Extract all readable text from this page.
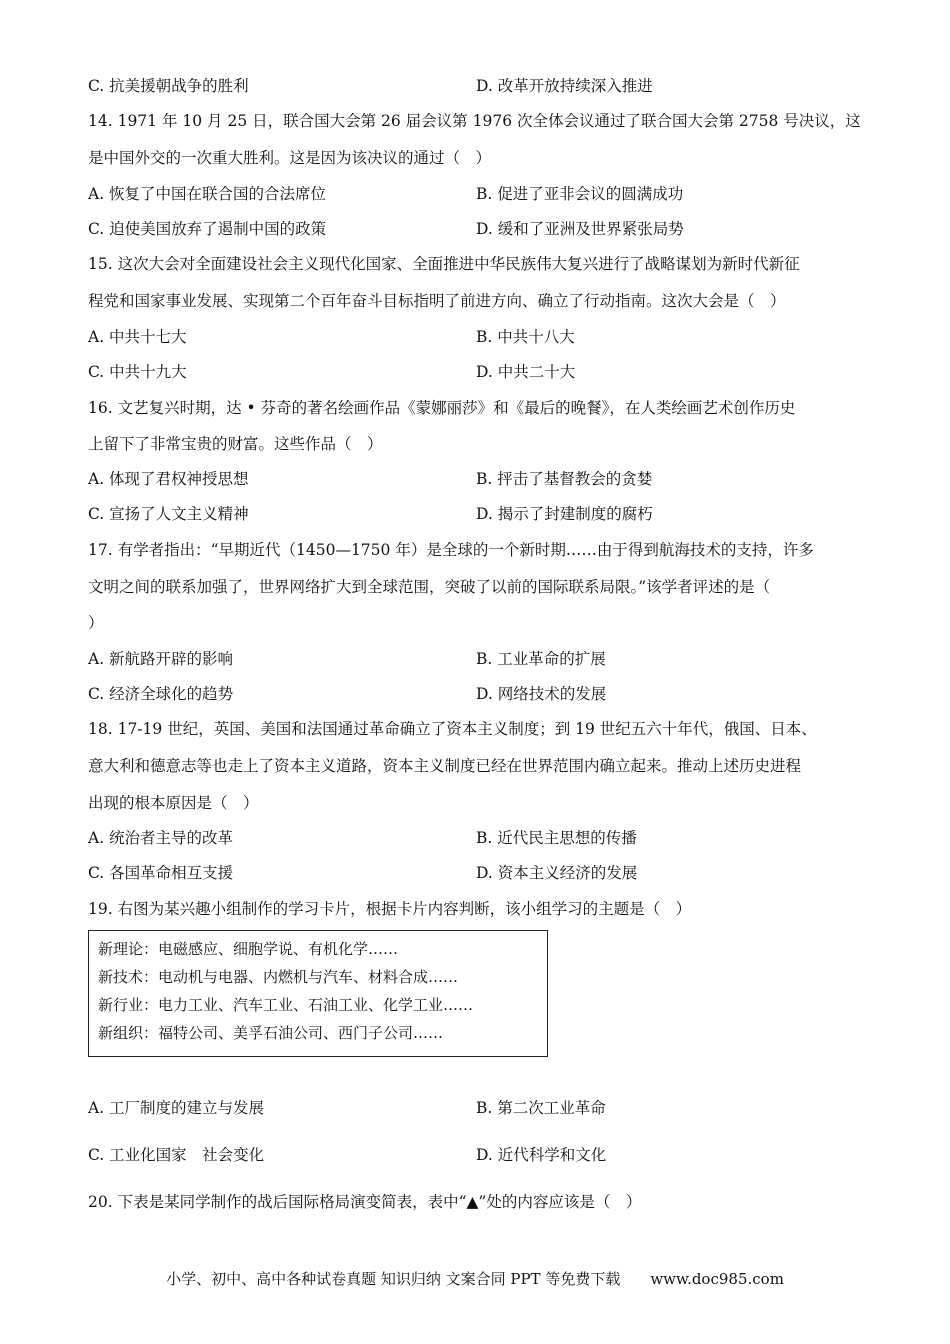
C. 抗美援朝战争的胜利	D. 改革开放持续深入推进
14. 1971 年 10 月 25 日，联合国大会第 26 届会议第 1976 次全体会议通过了联合国大会第 2758 号决议，这
是中国外交的一次重大胜利。这是因为该决议的通过（　）
A. 恢复了中国在联合国的合法席位	B. 促进了亚非会议的圆满成功
C. 迫使美国放弃了遏制中国的政策	D. 缓和了亚洲及世界紧张局势
15. 这次大会对全面建设社会主义现代化国家、全面推进中华民族伟大复兴进行了战略谋划为新时代新征
程党和国家事业发展、实现第二个百年奋斗目标指明了前进方向、确立了行动指南。这次大会是（　）
A. 中共十七大	B. 中共十八大
C. 中共十九大	D. 中共二十大
16. 文艺复兴时期，达 • 芬奇的著名绘画作品《蒙娜丽莎》和《最后的晚餐》，在人类绘画艺术创作历史
上留下了非常宝贵的财富。这些作品（　）
A. 体现了君权神授思想	B. 抨击了基督教会的贪婪
C. 宣扬了人文主义精神	D. 揭示了封建制度的腐朽
17. 有学者指出：“早期近代（1450—1750 年）是全球的一个新时期……由于得到航海技术的支持，许多
文明之间的联系加强了，世界网络扩大到全球范围，突破了以前的国际联系局限。”该学者评述的是（
）
A. 新航路开辟的影响	B. 工业革命的扩展
C. 经济全球化的趋势	D. 网络技术的发展
18. 17-19 世纪，英国、美国和法国通过革命确立了资本主义制度；到 19 世纪五六十年代，俄国、日本、
意大利和德意志等也走上了资本主义道路，资本主义制度已经在世界范围内确立起来。推动上述历史进程
出现的根本原因是（　）
A. 统治者主导的改革	B. 近代民主思想的传播
C. 各国革命相互支援	D. 资本主义经济的发展
19. 右图为某兴趣小组制作的学习卡片，根据卡片内容判断，该小组学习的主题是（　）
新理论：电磁感应、细胞学说、有机化学……
新技术：电动机与电器、内燃机与汽车、材料合成……
新行业：电力工业、汽车工业、石油工业、化学工业……
新组织：福特公司、美孚石油公司、西门子公司……
A. 工厂制度的建立与发展	B. 第二次工业革命
C. 工业化国家　社会变化	D. 近代科学和文化
20. 下表是某同学制作的战后国际格局演变简表，表中“▲”处的内容应该是（　）
小学、初中、高中各种试卷真题 知识归纳 文案合同 PPT 等免费下载　　www.doc985.com
